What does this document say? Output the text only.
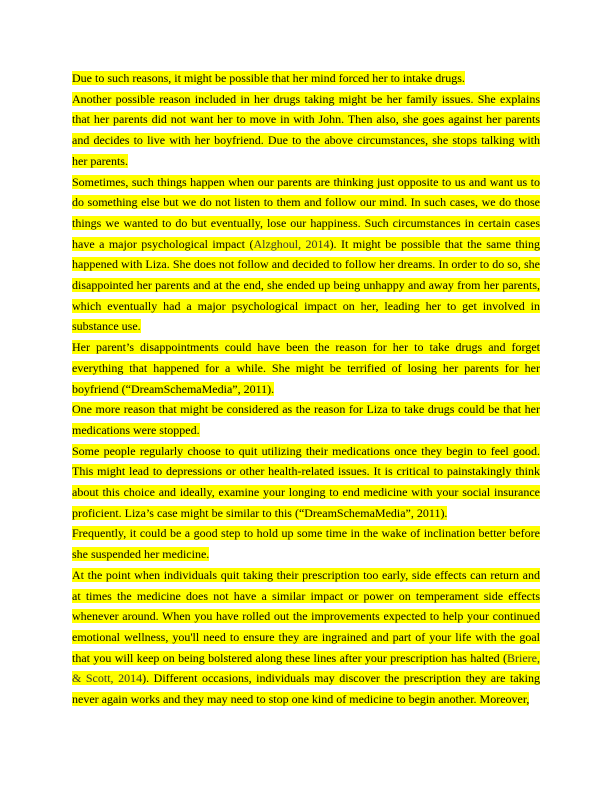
Due to such reasons, it might be possible that her mind forced her to intake drugs.

Another possible reason included in her drugs taking might be her family issues. She explains that her parents did not want her to move in with John. Then also, she goes against her parents and decides to live with her boyfriend. Due to the above circumstances, she stops talking with her parents.

Sometimes, such things happen when our parents are thinking just opposite to us and want us to do something else but we do not listen to them and follow our mind. In such cases, we do those things we wanted to do but eventually, lose our happiness. Such circumstances in certain cases have a major psychological impact (Alzghoul, 2014). It might be possible that the same thing happened with Liza. She does not follow and decided to follow her dreams. In order to do so, she disappointed her parents and at the end, she ended up being unhappy and away from her parents, which eventually had a major psychological impact on her, leading her to get involved in substance use.

Her parent’s disappointments could have been the reason for her to take drugs and forget everything that happened for a while. She might be terrified of losing her parents for her boyfriend (“DreamSchemaMedia”, 2011).

One more reason that might be considered as the reason for Liza to take drugs could be that her medications were stopped.

Some people regularly choose to quit utilizing their medications once they begin to feel good. This might lead to depressions or other health-related issues. It is critical to painstakingly think about this choice and ideally, examine your longing to end medicine with your social insurance proficient. Liza’s case might be similar to this (“DreamSchemaMedia”, 2011).

Frequently, it could be a good step to hold up some time in the wake of inclination better before she suspended her medicine.

At the point when individuals quit taking their prescription too early, side effects can return and at times the medicine does not have a similar impact or power on temperament side effects whenever around. When you have rolled out the improvements expected to help your continued emotional wellness, you'll need to ensure they are ingrained and part of your life with the goal that you will keep on being bolstered along these lines after your prescription has halted (Briere, & Scott, 2014). Different occasions, individuals may discover the prescription they are taking never again works and they may need to stop one kind of medicine to begin another. Moreover,
